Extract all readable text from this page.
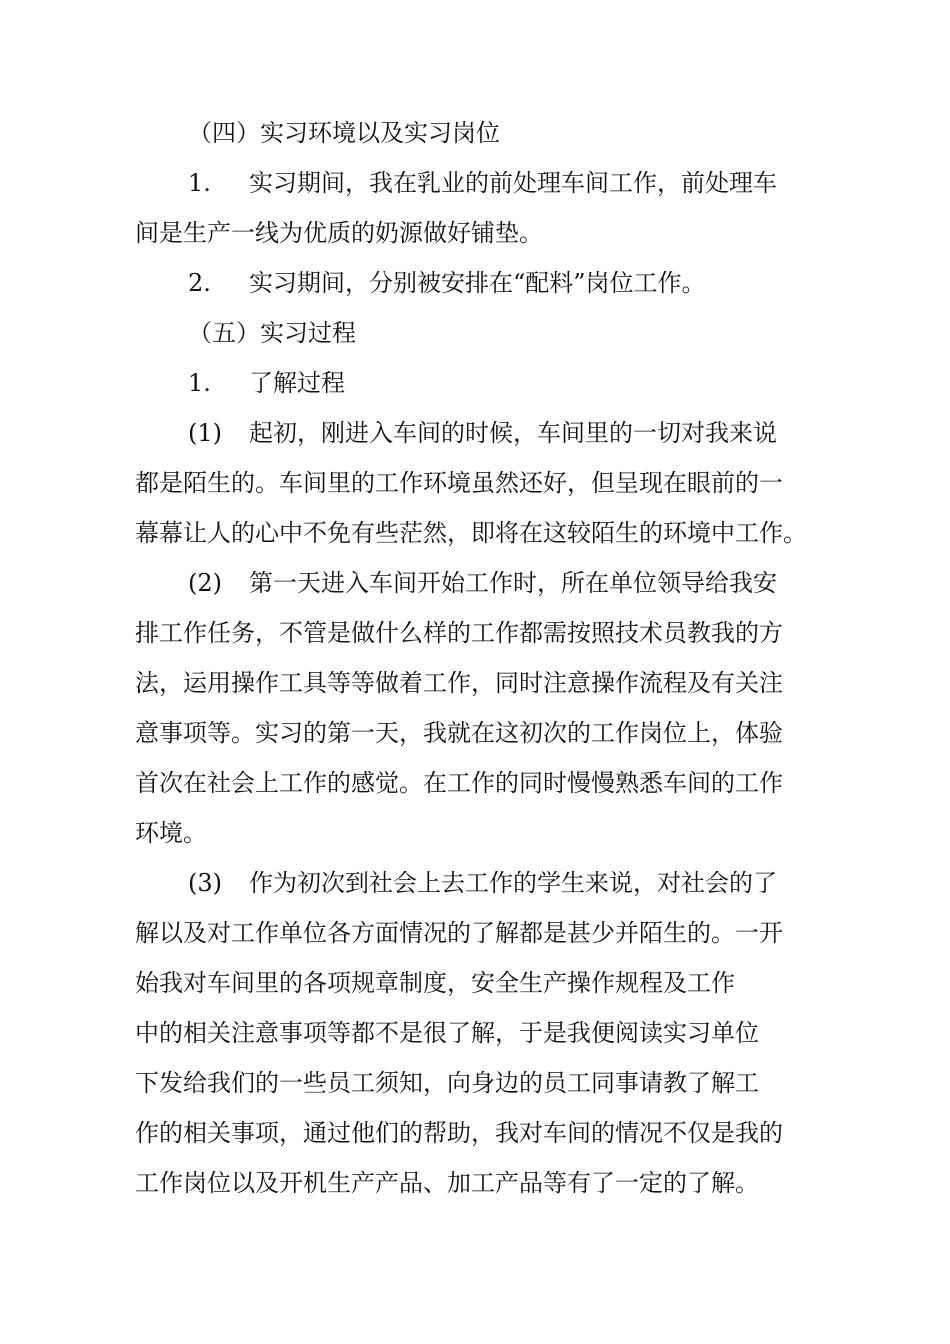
（四）实习环境以及实习岗位
1. 实习期间，我在乳业的前处理车间工作，前处理车
间是生产一线为优质的奶源做好铺垫。
2. 实习期间，分别被安排在“配料”岗位工作。
（五）实习过程
1. 了解过程
(1) 起初，刚进入车间的时候，车间里的一切对我来说
都是陌生的。车间里的工作环境虽然还好，但呈现在眼前的一
幕幕让人的心中不免有些茫然，即将在这较陌生的环境中工作。
(2) 第一天进入车间开始工作时，所在单位领导给我安
排工作任务，不管是做什么样的工作都需按照技术员教我的方
法，运用操作工具等等做着工作，同时注意操作流程及有关注
意事项等。实习的第一天，我就在这初次的工作岗位上，体验
首次在社会上工作的感觉。在工作的同时慢慢熟悉车间的工作
环境。
(3) 作为初次到社会上去工作的学生来说，对社会的了
解以及对工作单位各方面情况的了解都是甚少并陌生的。一开
始我对车间里的各项规章制度，安全生产操作规程及工作
中的相关注意事项等都不是很了解，于是我便阅读实习单位
下发给我们的一些员工须知，向身边的员工同事请教了解工
作的相关事项，通过他们的帮助，我对车间的情况不仅是我的
工作岗位以及开机生产产品、加工产品等有了一定的了解。
